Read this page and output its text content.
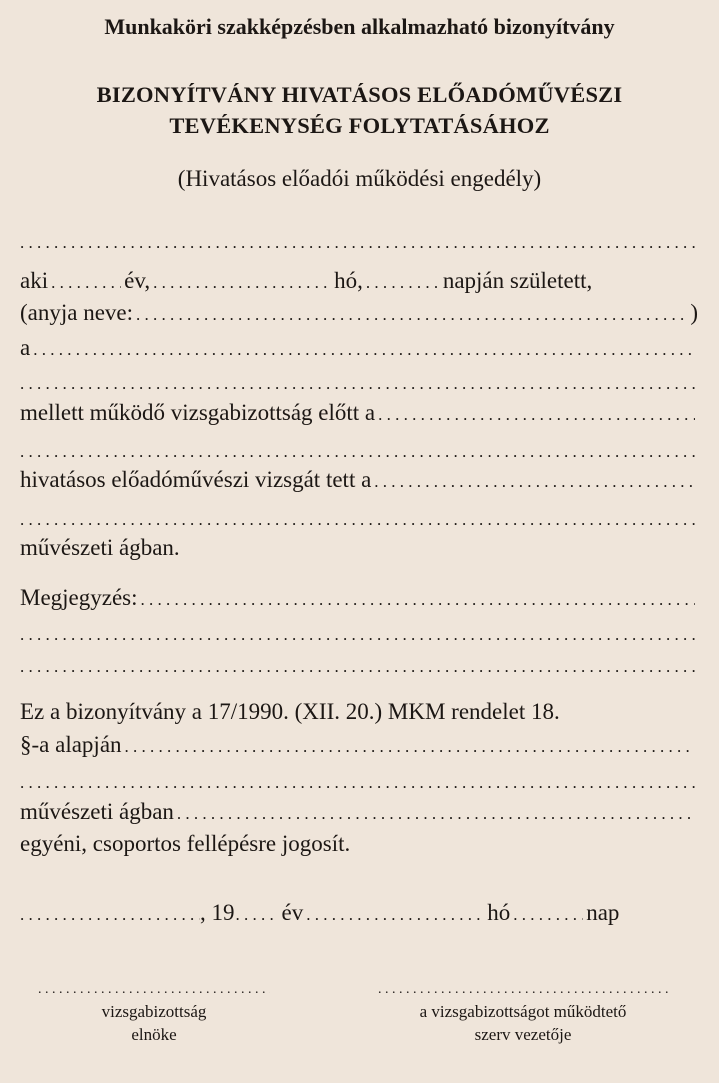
Munkaköri szakképzésben alkalmazható bizonyítvány
BIZONYÍTVÁNY HIVATÁSOS ELŐADÓMŰVÉSZI
TEVÉKENYSÉG FOLYTATÁSÁHOZ
(Hivatásos előadói működési engedély)
. . .
aki . . .	év, . . .	hó, . . .	napján született,
(anyja neve: . . .	)
a
. . .
. . .
mellett működő vizsgabizottság előtt a
. . .
. . .
hivatásos előadóművészi vizsgát tett a
. . .
. . .
művészeti ágban.
Megjegyzés:
. . .
. . .
. . .
Ez a bizonyítvány a 17/1990. (XII. 20.) MKM rendelet 18.
§-a alapján
. . .
. . .
művészeti ágban
. . .
egyéni, csoportos fellépésre jogosít.
. . .
, 19 . . . év . . .	hó . . .	nap
. . .
vizsgabizottság
elnöke
. . .
a vizsgabizottságot működtető
szerv vezetője
